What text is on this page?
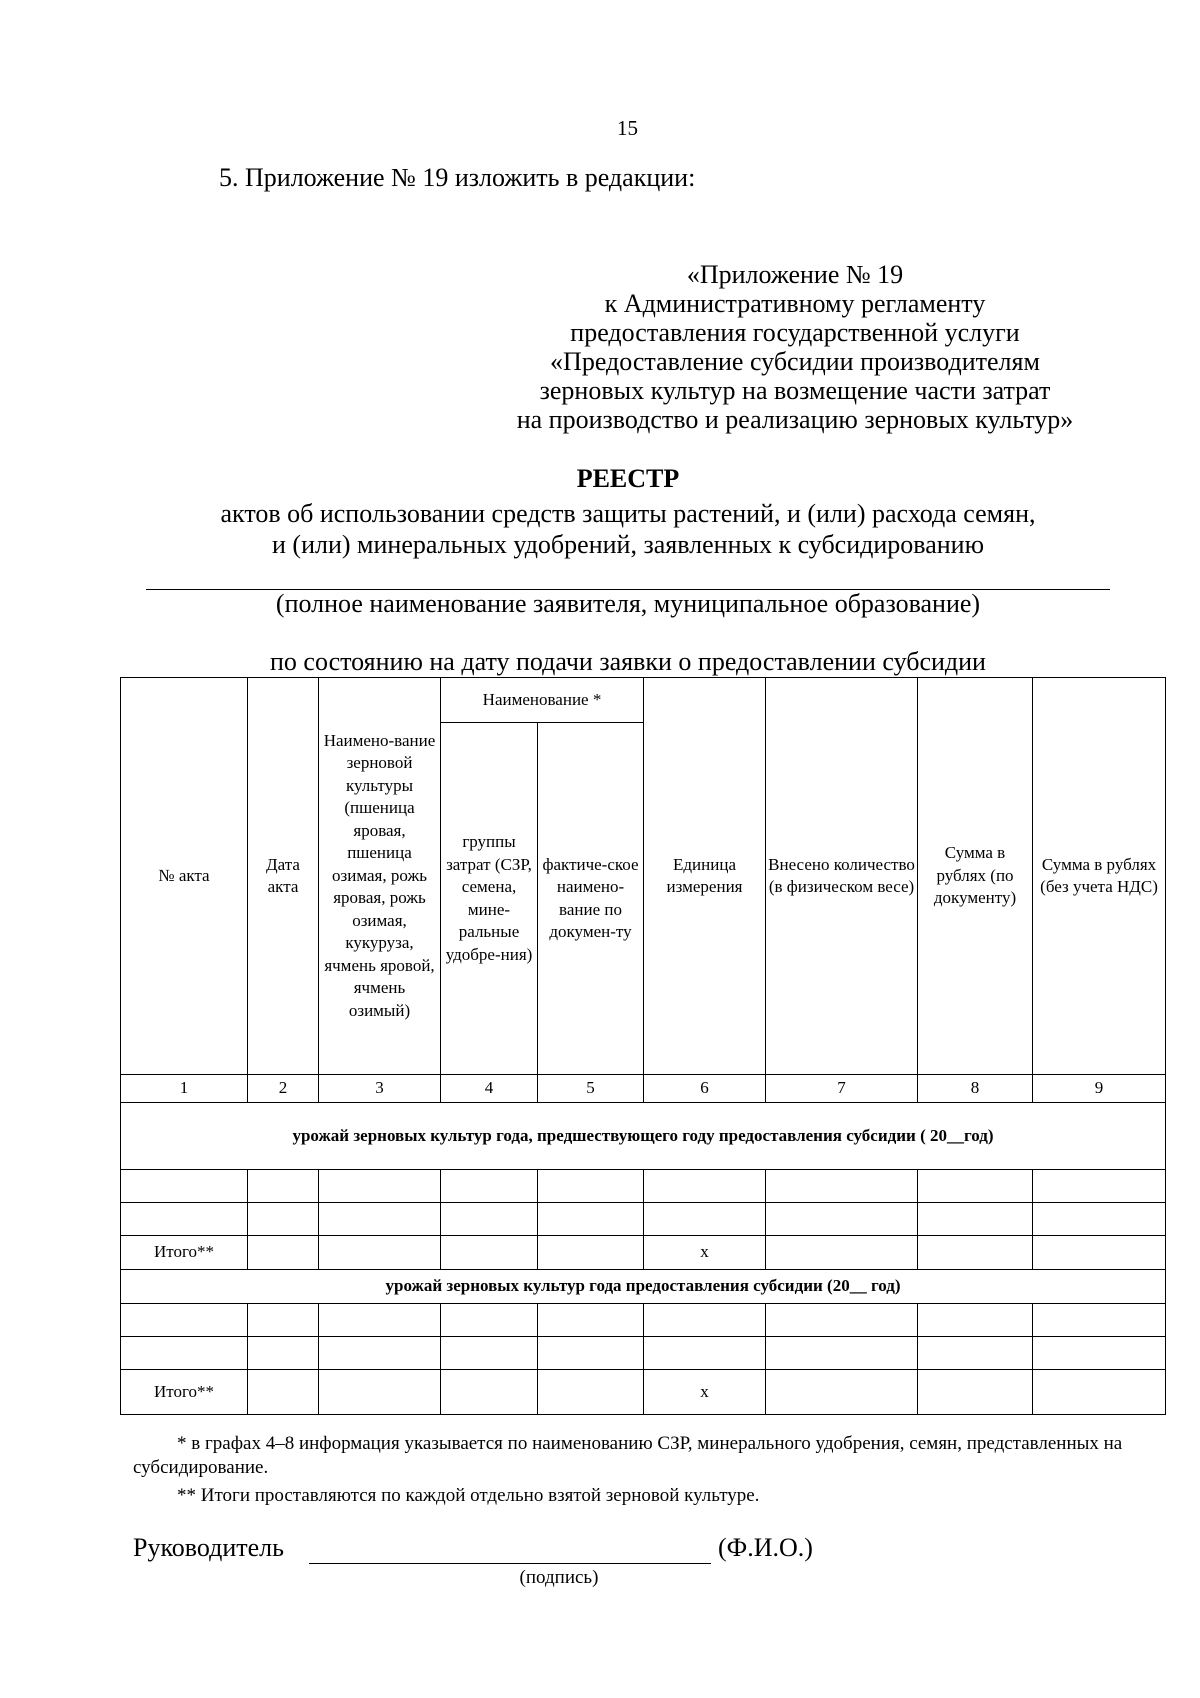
15
5. Приложение № 19 изложить в редакции:
«Приложение № 19
к Административному регламенту
предоставления государственной услуги
«Предоставление субсидии производителям
зерновых культур на возмещение части затрат
на производство и реализацию зерновых культур»
РЕЕСТР
актов об использовании средств защиты растений, и (или) расхода семян,
и (или) минеральных удобрений, заявленных к субсидированию
(полное наименование заявителя, муниципальное образование)
по состоянию на дату подачи заявки о предоставлении субсидии
№ акта	Дата акта	Наимено-вание зерновой культуры (пшеница яровая, пшеница озимая, рожь яровая, рожь озимая, кукуруза, ячмень яровой, ячмень озимый)	Наименование *		Единица измерения	Внесено количество (в физическом весе)	Сумма в рублях (по документу)	Сумма в рублях (без учета НДС)
			группы затрат (СЗР, семена, мине-ральные удобре-ния)	фактиче-ское наимено-вание по докумен-ту				
1	2	3	4	5	6	7	8	9
урожай зерновых культур года, предшествующего году предоставления субсидии ( 20__год)								

Итого**					х			
урожай зерновых культур года предоставления субсидии (20__ год)								

Итого**					х			
* в графах 4–8 информация указывается по наименованию СЗР, минерального удобрения, семян, представленных на субсидирование.
** Итоги проставляются по каждой отдельно взятой зерновой культуре.
Руководитель
(подпись)
(Ф.И.О.)
